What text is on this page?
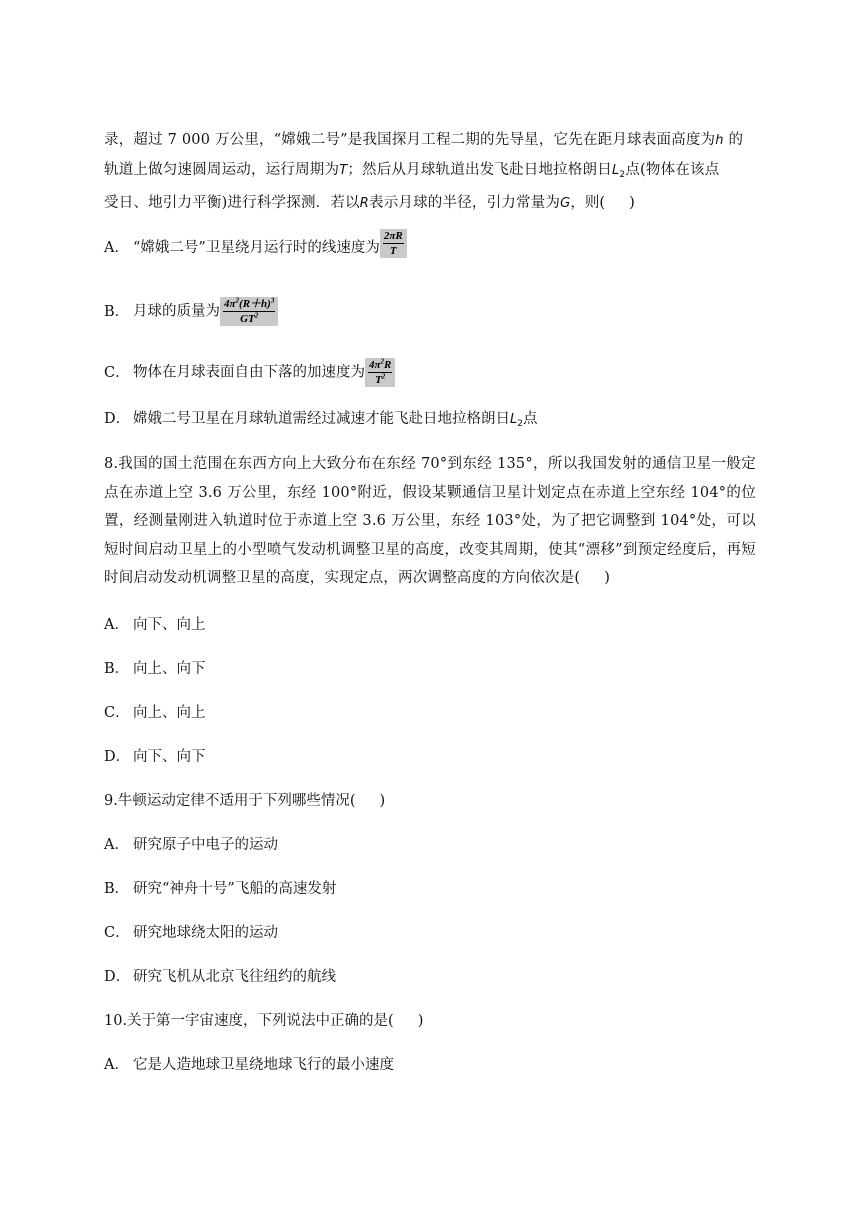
录，超过 7 000 万公里，“嫦娥二号”是我国探月工程二期的先导星，它先在距月球表面高度为h 的
轨道上做匀速圆周运动，运行周期为T；然后从月球轨道出发飞赴日地拉格朗日$L_2$点(物体在该点
受日、地引力平衡)进行科学探测．若以R表示月球的半径，引力常量为G，则( )
A． “嫦娥二号”卫星绕月运行时的线速度为 $\frac{2\pi R}{T}$
B． 月球的质量为 $\frac{4\pi^2(R+h)^3}{GT^2}$
C． 物体在月球表面自由下落的加速度为 $\frac{4\pi^2R}{T^2}$
D． 嫦娥二号卫星在月球轨道需经过减速才能飞赴日地拉格朗日$L_2$点
8.我国的国土范围在东西方向上大致分布在东经 70°到东经 135°，所以我国发射的通信卫星一般定点在赤道上空 3.6 万公里，东经 100°附近，假设某颗通信卫星计划定点在赤道上空东经 104°的位置，经测量刚进入轨道时位于赤道上空 3.6 万公里，东经 103°处，为了把它调整到 104°处，可以短时间启动卫星上的小型喷气发动机调整卫星的高度，改变其周期，使其“漂移”到预定经度后，再短时间启动发动机调整卫星的高度，实现定点，两次调整高度的方向依次是( )
A． 向下、向上
B． 向上、向下
C． 向上、向上
D． 向下、向下
9.牛顿运动定律不适用于下列哪些情况( )
A． 研究原子中电子的运动
B． 研究“神舟十号”飞船的高速发射
C． 研究地球绕太阳的运动
D． 研究飞机从北京飞往纽约的航线
10.关于第一宇宙速度，下列说法中正确的是( )
A． 它是人造地球卫星绕地球飞行的最小速度
